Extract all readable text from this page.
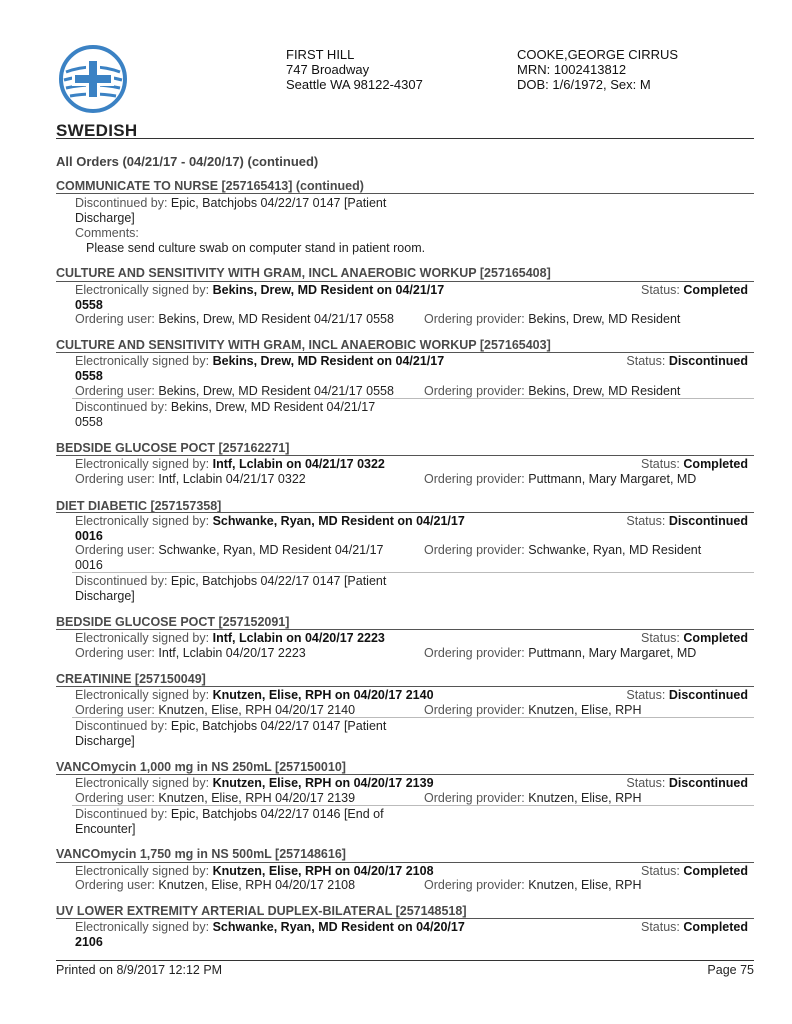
SWEDISH
FIRST HILL
747 Broadway
Seattle WA 98122-4307
COOKE,GEORGE CIRRUS
MRN: 1002413812
DOB: 1/6/1972, Sex: M
All Orders (04/21/17 - 04/20/17) (continued)
COMMUNICATE TO NURSE [257165413] (continued)
Discontinued by: Epic, Batchjobs 04/22/17 0147 [Patient
Discharge]
Comments:
Please send culture swab on computer stand in patient room.
CULTURE AND SENSITIVITY WITH GRAM, INCL ANAEROBIC WORKUP [257165408]
Electronically signed by: Bekins, Drew, MD Resident on 04/21/17	Status: Completed
0558
Ordering user: Bekins, Drew, MD Resident 04/21/17 0558 Ordering provider: Bekins, Drew, MD Resident
CULTURE AND SENSITIVITY WITH GRAM, INCL ANAEROBIC WORKUP [257165403]
Electronically signed by: Bekins, Drew, MD Resident on 04/21/17	Status: Discontinued
0558
Ordering user: Bekins, Drew, MD Resident 04/21/17 0558 Ordering provider: Bekins, Drew, MD Resident
Discontinued by: Bekins, Drew, MD Resident 04/21/17
0558
BEDSIDE GLUCOSE POCT [257162271]
Electronically signed by: Intf, Lclabin on 04/21/17 0322	Status: Completed
Ordering user: Intf, Lclabin 04/21/17 0322	Ordering provider: Puttmann, Mary Margaret, MD
DIET DIABETIC [257157358]
Electronically signed by: Schwanke, Ryan, MD Resident on 04/21/17	Status: Discontinued
0016
Ordering user: Schwanke, Ryan, MD Resident 04/21/17
0016
Ordering provider: Schwanke, Ryan, MD Resident
Discontinued by: Epic, Batchjobs 04/22/17 0147 [Patient
Discharge]
BEDSIDE GLUCOSE POCT [257152091]
Electronically signed by: Intf, Lclabin on 04/20/17 2223	Status: Completed
Ordering user: Intf, Lclabin 04/20/17 2223	Ordering provider: Puttmann, Mary Margaret, MD
CREATININE [257150049]
Electronically signed by: Knutzen, Elise, RPH on 04/20/17 2140	Status: Discontinued
Ordering user: Knutzen, Elise, RPH 04/20/17 2140	Ordering provider: Knutzen, Elise, RPH
Discontinued by: Epic, Batchjobs 04/22/17 0147 [Patient
Discharge]
VANCOmycin 1,000 mg in NS 250mL [257150010]
Electronically signed by: Knutzen, Elise, RPH on 04/20/17 2139	Status: Discontinued
Ordering user: Knutzen, Elise, RPH 04/20/17 2139	Ordering provider: Knutzen, Elise, RPH
Discontinued by: Epic, Batchjobs 04/22/17 0146 [End of
Encounter]
VANCOmycin 1,750 mg in NS 500mL [257148616]
Electronically signed by: Knutzen, Elise, RPH on 04/20/17 2108	Status: Completed
Ordering user: Knutzen, Elise, RPH 04/20/17 2108	Ordering provider: Knutzen, Elise, RPH
UV LOWER EXTREMITY ARTERIAL DUPLEX-BILATERAL [257148518]
Electronically signed by: Schwanke, Ryan, MD Resident on 04/20/17	Status: Completed
2106
Printed on 8/9/2017 12:12 PM	Page 75
